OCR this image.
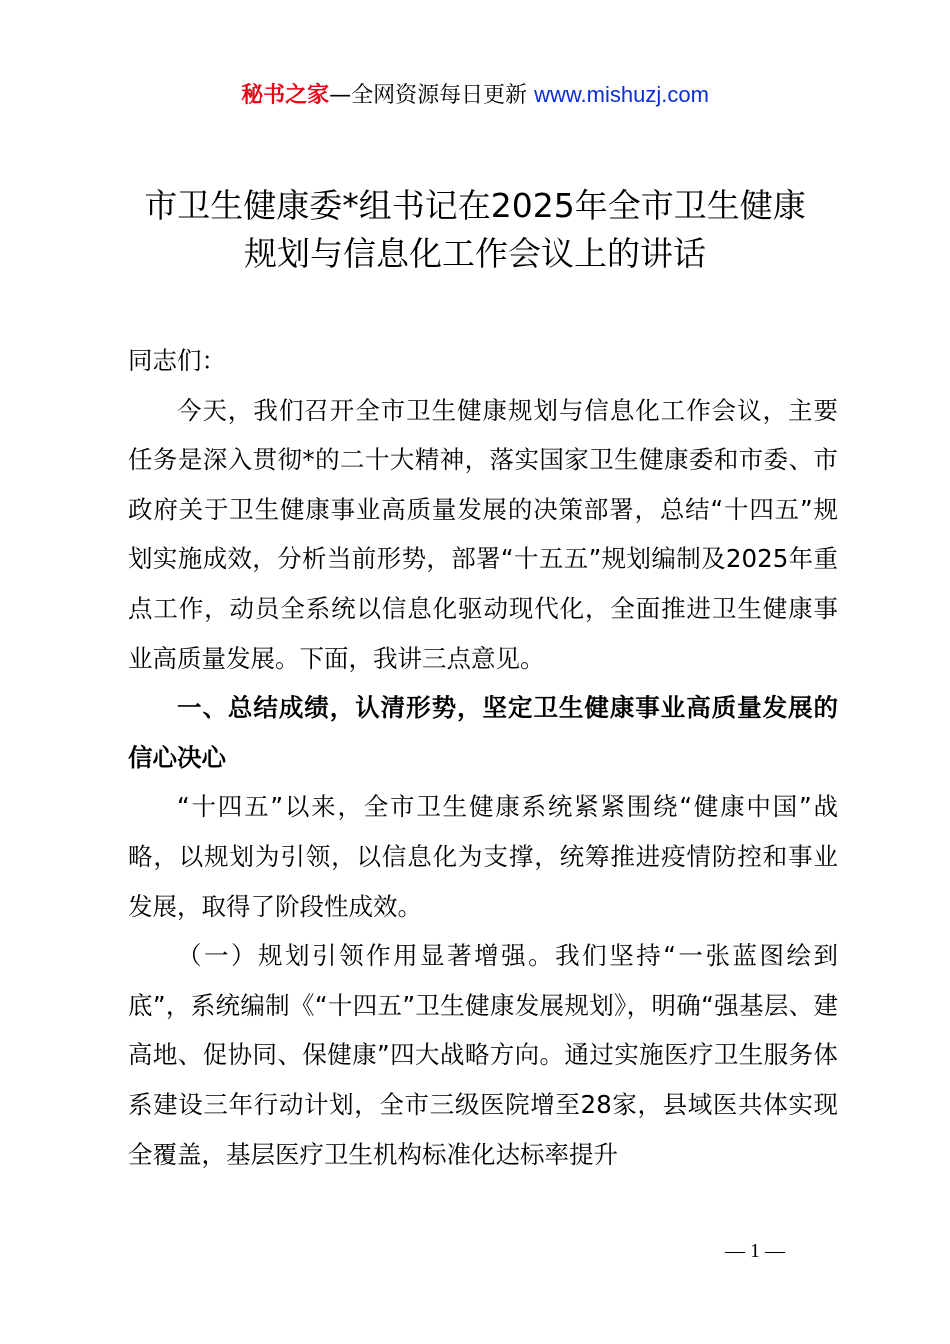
秘书之家—全网资源每日更新 www.mishuzj.com
市卫生健康委*组书记在2025年全市卫生健康
规划与信息化工作会议上的讲话

同志们：

今天，我们召开全市卫生健康规划与信息化工作会议，主要任务是深入贯彻*的二十大精神，落实国家卫生健康委和市委、市政府关于卫生健康事业高质量发展的决策部署，总结“十四五”规划实施成效，分析当前形势，部署“十五五”规划编制及2025年重点工作，动员全系统以信息化驱动现代化，全面推进卫生健康事业高质量发展。下面，我讲三点意见。

一、总结成绩，认清形势，坚定卫生健康事业高质量发展的信心决心

“十四五”以来，全市卫生健康系统紧紧围绕“健康中国”战略，以规划为引领，以信息化为支撑，统筹推进疫情防控和事业发展，取得了阶段性成效。

（一）规划引领作用显著增强。我们坚持“一张蓝图绘到底”，系统编制《“十四五”卫生健康发展规划》，明确“强基层、建高地、促协同、保健康”四大战略方向。通过实施医疗卫生服务体系建设三年行动计划，全市三级医院增至28家，县域医共体实现全覆盖，基层医疗卫生机构标准化达标率提升

— 1 —
